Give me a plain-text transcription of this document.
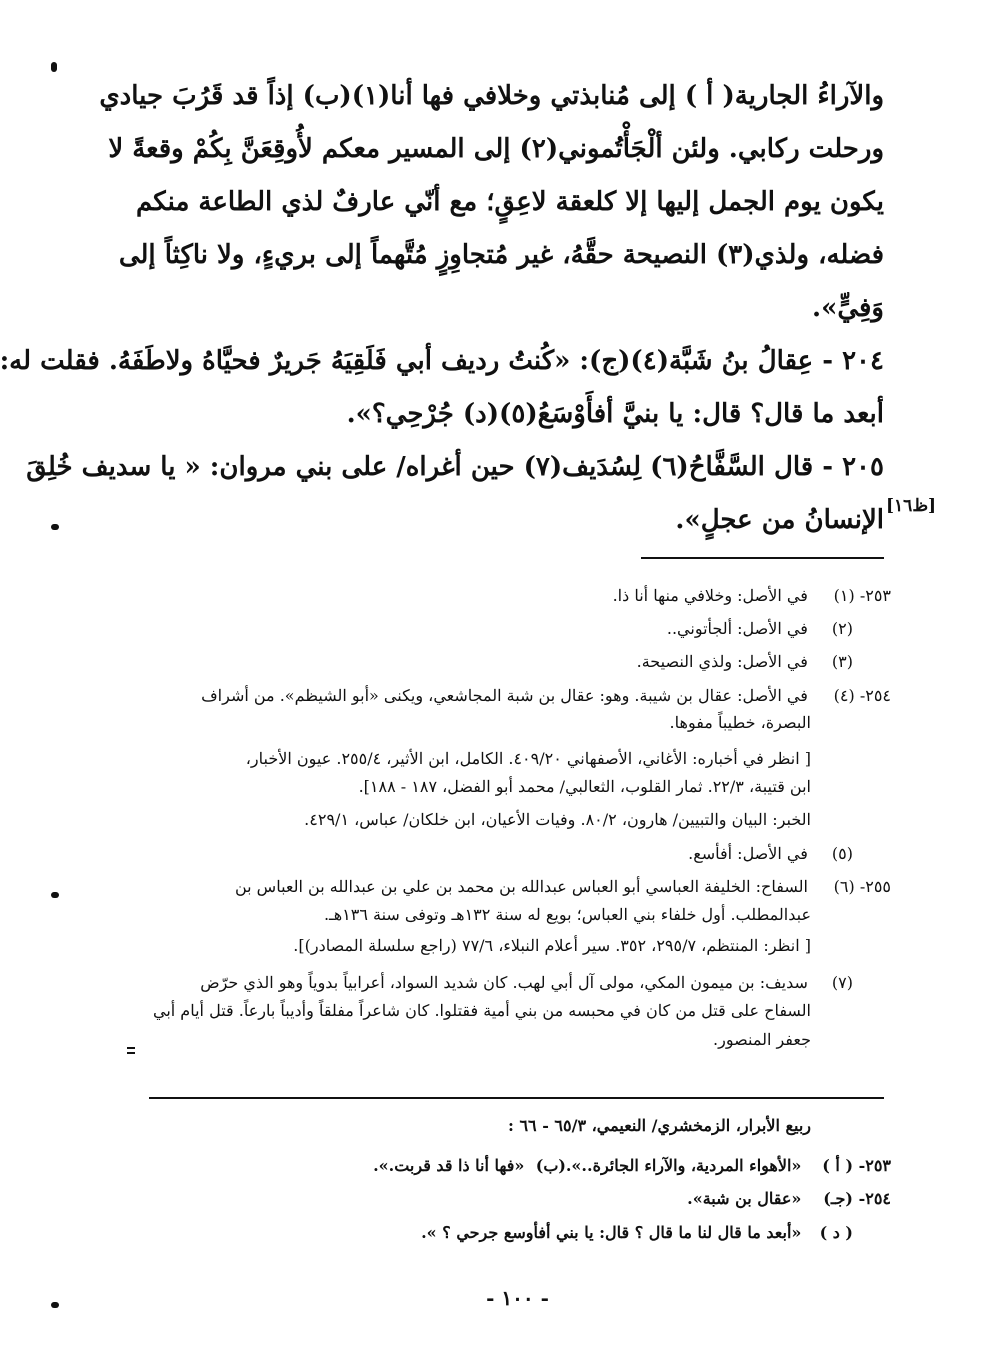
والآراءُ الجارية( أ ) إلى مُنابذتي وخلافي فها أنا(١)(ب) إذاً قد قَرُبَ جيادي
ورحلت ركابي. ولئن ألْجَأْتُموني(٢) إلى المسير معكم لأُوقِعَنَّ بِكُمْ وقعةً لا
يكون يوم الجمل إليها إلا كلعقة لاعِقٍ؛ مع أنّي عارفٌ لذي الطاعة منكم
فضله، ولذي(٣) النصيحة حقَّهُ، غير مُتجاوِزٍ مُتَّهماً إلى بريءٍ، ولا ناكِثاً إلى
وَفِيٍّ».
٢٠٤ - عِقالُ بنُ شَبَّة(٤)(ج): «كُنتُ رديف أبي فَلَقِيَهُ جَريرٌ فحيَّاهُ ولاطَفَهُ. فقلت له:
أبعد ما قال؟ قال: يا بنيَّ أفأَوْسَعُ(٥)(د) جُرْحِي؟».
٢٠٥ - قال السَّفَّاحُ(٦) لِسُدَيف(٧) حين أغراه/ على بني مروان: « يا سديف خُلِقَ
الإنسانُ من عجلٍ». [ظ١٦]
٢٥٣- (١) في الأصل: وخلافي منها أنا ذا.
(٢) في الأصل: ألجأتوني..
(٣) في الأصل: ولذي النصيحة.
٢٥٤- (٤) في الأصل: عقال بن شيبة. وهو: عقال بن شبة المجاشعي، ويكنى «أبو الشيظم». من أشراف
البصرة، خطيباً مفوها.
[ انظر في أخباره: الأغاني، الأصفهاني ٤٠٩/٢٠. الكامل، ابن الأثير، ٢٥٥/٤. عيون الأخبار،
ابن قتيبة، ٢٢/٣. ثمار القلوب، الثعالبي/ محمد أبو الفضل، ١٨٧ - ١٨٨].
الخبر: البيان والتبيين/ هارون، ٨٠/٢. وفيات الأعيان، ابن خلكان/ عباس، ٤٢٩/١.
(٥) في الأصل: أفأسع.
٢٥٥- (٦) السفاح: الخليفة العباسي أبو العباس عبدالله بن محمد بن علي بن عبدالله بن العباس بن
عبدالمطلب. أول خلفاء بني العباس؛ بويع له سنة ١٣٢هـ وتوفى سنة ١٣٦هـ.
[ انظر: المنتظم، ٢٩٥/٧، ٣٥٢. سير أعلام النبلاء، ٧٧/٦ (راجع سلسلة المصادر)].
(٧) سديف: بن ميمون المكي، مولى آل أبي لهب. كان شديد السواد، أعرابياً بدوياً وهو الذي حرّض
السفاح على قتل من كان في محبسه من بني أمية فقتلوا. كان شاعراً مفلقاً وأديباً بارعاً. قتل أيام أبي
جعفر المنصور.
ربيع الأبرار، الزمخشري/ النعيمي، ٦٥/٣ - ٦٦ :
٢٥٣- ( أ ) «الأهواء المردية، والآراء الجائرة..».
(ب) «فها أنا ذا قد قربت.».
٢٥٤- (جـ) «عقال بن شبة».
( د ) «أبعد ما قال لنا ما قال ؟ قال: يا بني أفأوسع جرحي ؟ ».
- ١٠٠ -
